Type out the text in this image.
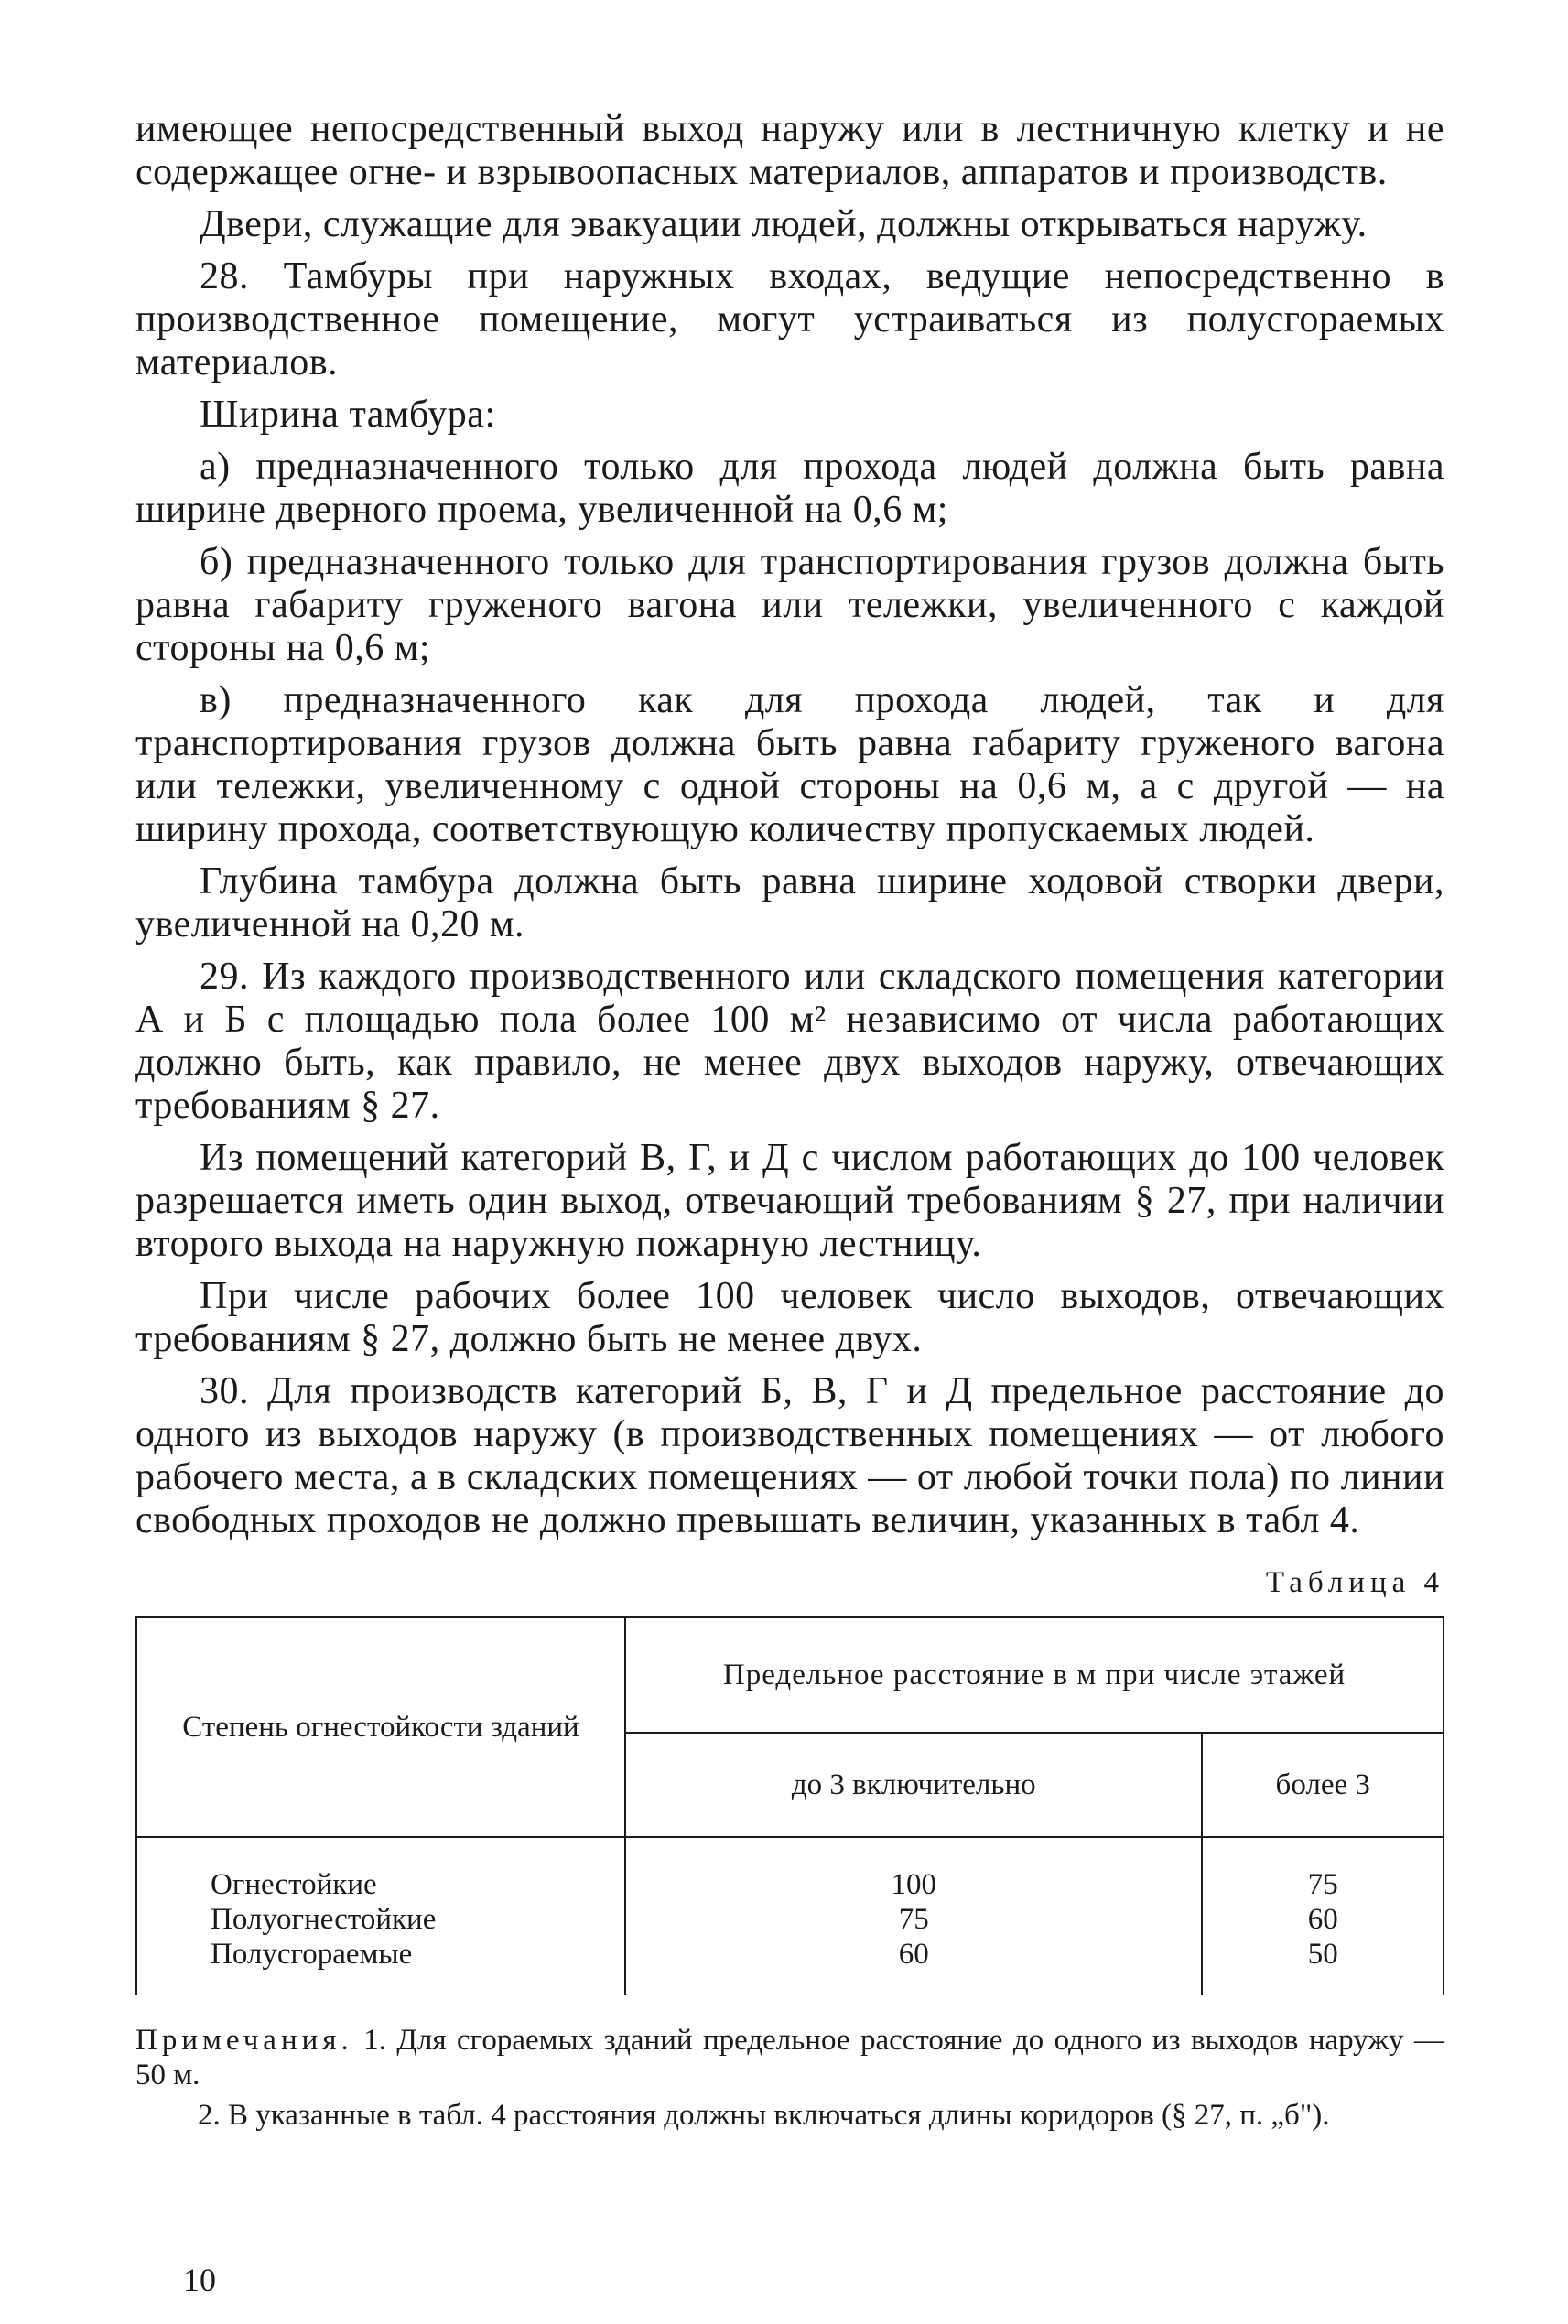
имеющее непосредственный выход наружу или в лестничную клетку и не содержащее огне- и взрывоопасных материалов, аппаратов и производств.

Двери, служащие для эвакуации людей, должны открываться наружу.

28. Тамбуры при наружных входах, ведущие непосредственно в производственное помещение, могут устраиваться из полусгораемых материалов.

Ширина тамбура:

а) предназначенного только для прохода людей должна быть равна ширине дверного проема, увеличенной на 0,6 м;

б) предназначенного только для транспортирования грузов должна быть равна габариту груженого вагона или тележки, увеличенного с каждой стороны на 0,6 м;

в) предназначенного как для прохода людей, так и для транспортирования грузов должна быть равна габариту груженого вагона или тележки, увеличенному с одной стороны на 0,6 м, а с другой — на ширину прохода, соответствующую количеству пропускаемых людей.

Глубина тамбура должна быть равна ширине ходовой створки двери, увеличенной на 0,20 м.

29. Из каждого производственного или складского помещения категории А и Б с площадью пола более 100 м² независимо от числа работающих должно быть, как правило, не менее двух выходов наружу, отвечающих требованиям § 27.

Из помещений категорий В, Г, и Д с числом работающих до 100 человек разрешается иметь один выход, отвечающий требованиям § 27, при наличии второго выхода на наружную пожарную лестницу.

При числе рабочих более 100 человек число выходов, отвечающих требованиям § 27, должно быть не менее двух.

30. Для производств категорий Б, В, Г и Д предельное расстояние до одного из выходов наружу (в производственных помещениях — от любого рабочего места, а в складских помещениях — от любой точки пола) по линии свободных проходов не должно превышать величин, указанных в табл 4.

Таблица 4
Степень огнестойкости зданий	Предельное расстояние в м при числе этажей	
	до 3 включительно	более 3
Огнестойкие	100	75
Полуогнестойкие	75	60
Полусгораемые	60	50

Примечания. 1. Для сгораемых зданий предельное расстояние до одного из выходов наружу — 50 м.

2. В указанные в табл. 4 расстояния должны включаться длины коридоров (§ 27, п. „б").

10
